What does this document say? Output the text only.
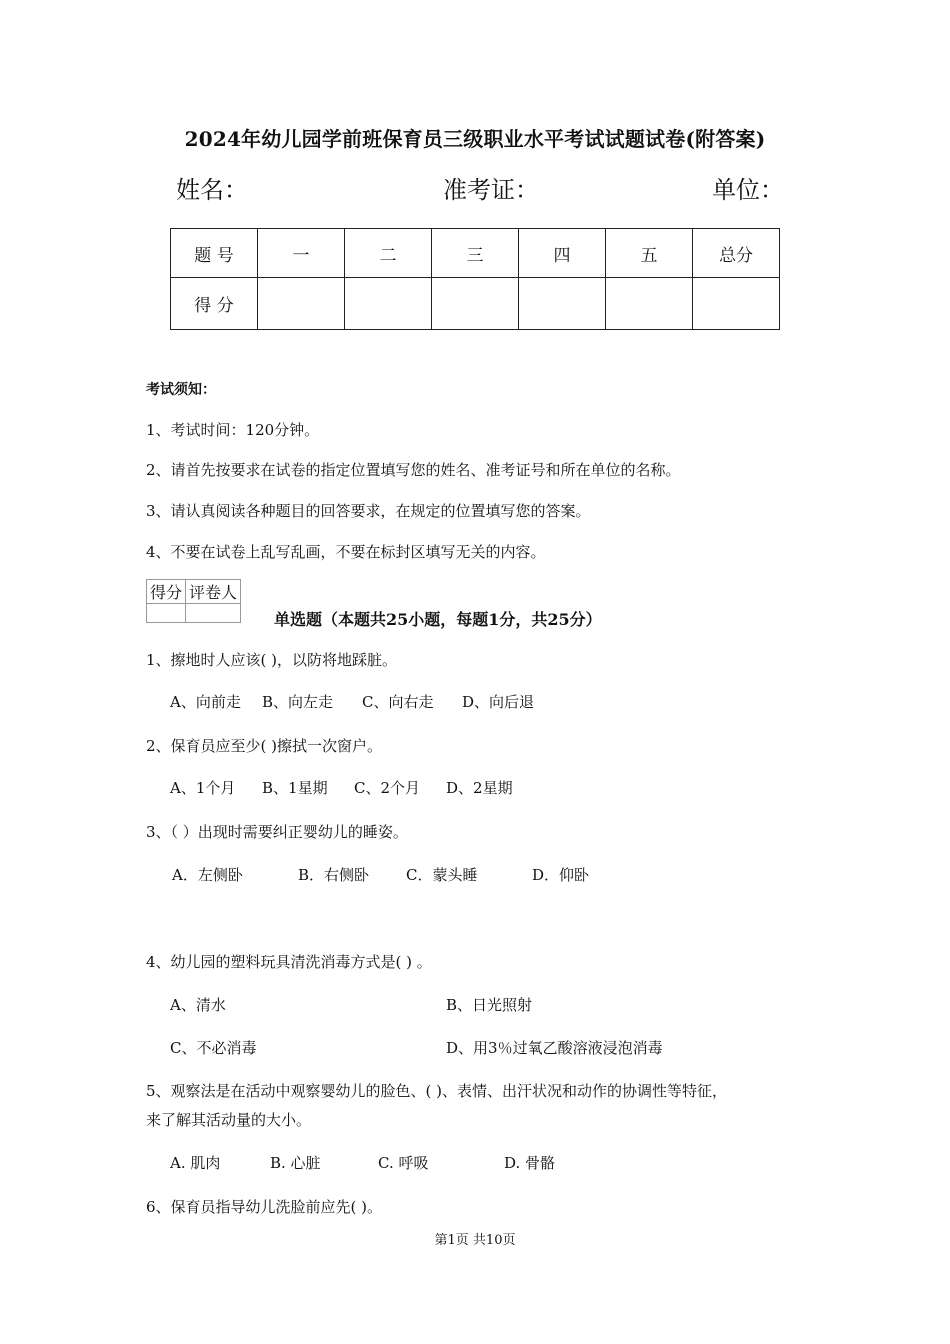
2024年幼儿园学前班保育员三级职业水平考试试题试卷(附答案)
姓名：	准考证：	单位：
题 号	一	二	三	四	五	总分
得 分						
考试须知：
1、考试时间：120分钟。
2、请首先按要求在试卷的指定位置填写您的姓名、准考证号和所在单位的名称。
3、请认真阅读各种题目的回答要求，在规定的位置填写您的答案。
4、不要在试卷上乱写乱画，不要在标封区填写无关的内容。
得分	评卷人

单选题（本题共25小题，每题1分，共25分）
1、擦地时人应该( )，以防将地踩脏。
A、向前走 B、向左走 C、向右走 D、向后退
2、保育员应至少( )擦拭一次窗户。
A、1个月 B、1星期 C、2个月 D、2星期
3、（ ）出现时需要纠正婴幼儿的睡姿。
A．左侧卧	B．右侧卧 C．蒙头睡	D．仰卧
4、幼儿园的塑料玩具清洗消毒方式是( ) 。
A、清水	B、日光照射
C、不必消毒	D、用3％过氧乙酸溶液浸泡消毒
5、观察法是在活动中观察婴幼儿的脸色、( )、表情、出汗状况和动作的协调性等特征，
来了解其活动量的大小。
A. 肌肉	B. 心脏	C. 呼吸	D. 骨骼
6、保育员指导幼儿洗脸前应先( )。
第1页 共10页
